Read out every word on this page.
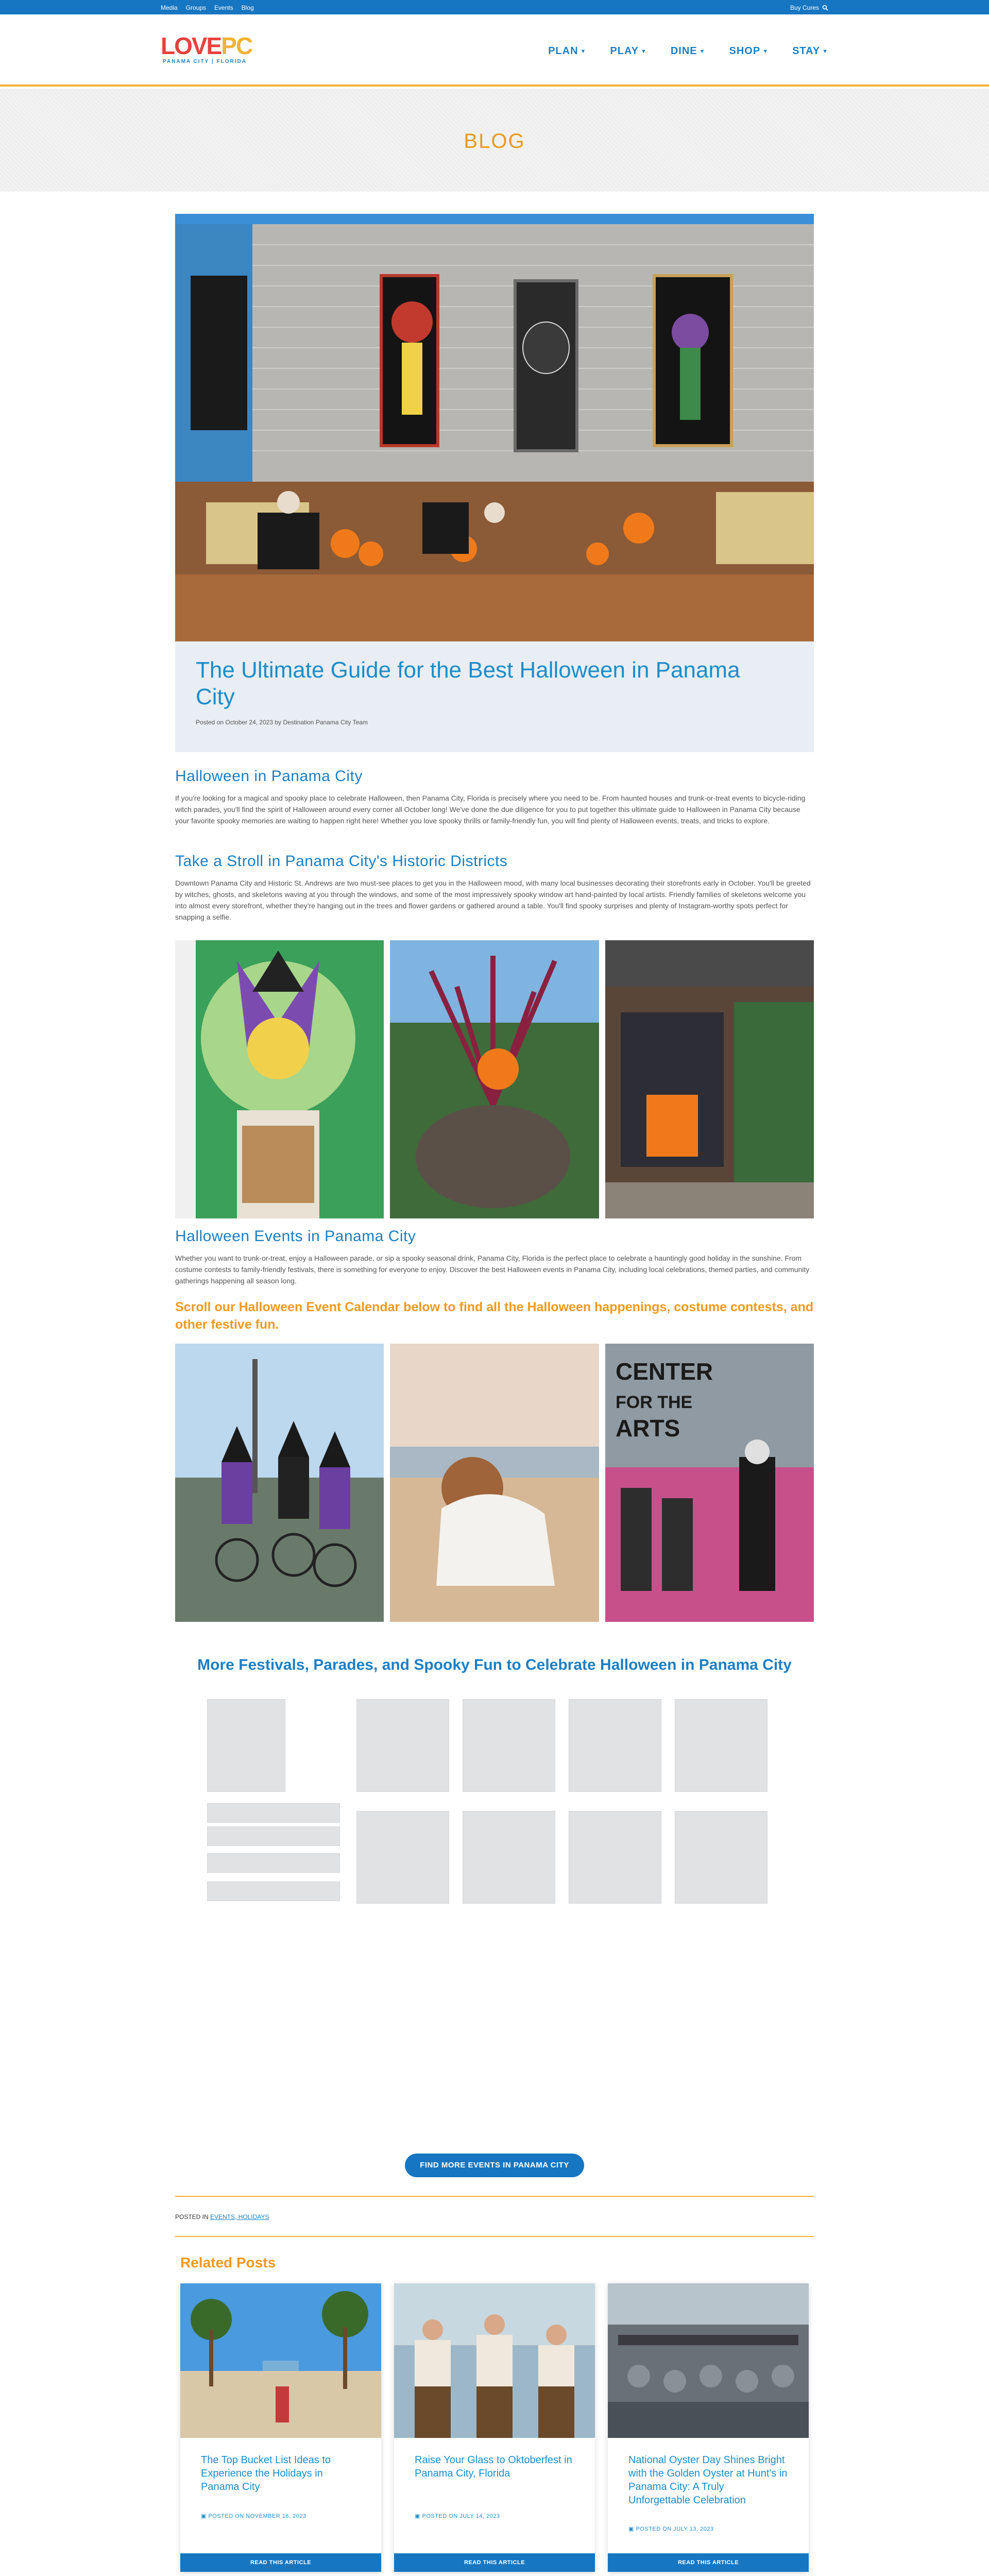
Media Groups Events Blog	Buy Cures
LOVEPC
PANAMA CITY | FLORIDA
PLAN ▼ PLAY ▼ DINE ▼ SHOP ▼ STAY ▼
BLOG
The Ultimate Guide for the Best Halloween in Panama City
Posted on October 24, 2023 by Destination Panama City Team
Halloween in Panama City

If you're looking for a magical and spooky place to celebrate Halloween, then Panama City, Florida is precisely where you need to be. From haunted houses and trunk-or-treat events to bicycle-riding witch parades, you'll find the spirit of Halloween around every corner all October long! We've done the due diligence for you to put together this ultimate guide to Halloween in Panama City because your favorite spooky memories are waiting to happen right here! Whether you love spooky thrills or family-friendly fun, you will find plenty of Halloween events, treats, and tricks to explore.

Take a Stroll in Panama City's Historic Districts

Downtown Panama City and Historic St. Andrews are two must-see places to get you in the Halloween mood, with many local businesses decorating their storefronts early in October. You'll be greeted by witches, ghosts, and skeletons waving at you through the windows, and some of the most impressively spooky window art hand-painted by local artists. Friendly families of skeletons welcome you into almost every storefront, whether they're hanging out in the trees and flower gardens or gathered around a table. You'll find spooky surprises and plenty of Instagram-worthy spots perfect for snapping a selfie.

Halloween Events in Panama City

Whether you want to trunk-or-treat, enjoy a Halloween parade, or sip a spooky seasonal drink, Panama City, Florida is the perfect place to celebrate a hauntingly good holiday in the sunshine. From costume contests to family-friendly festivals, there is something for everyone to enjoy. Discover the best Halloween events in Panama City, including local celebrations, themed parties, and community gatherings happening all season long.

Scroll our Halloween Event Calendar below to find all the Halloween happenings, costume contests, and other festive fun.

CENTER
FOR THE
ARTS
More Festivals, Parades, and Spooky Fun to Celebrate Halloween in Panama City
FIND MORE EVENTS IN PANAMA CITY
POSTED IN EVENTS, HOLIDAYS
Related Posts
The Top Bucket List Ideas to Experience the Holidays in Panama City
▣ POSTED ON NOVEMBER 16, 2023
READ THIS ARTICLE
Raise Your Glass to Oktoberfest in Panama City, Florida
▣ POSTED ON JULY 14, 2023
READ THIS ARTICLE
National Oyster Day Shines Bright with the Golden Oyster at Hunt's in Panama City: A Truly Unforgettable Celebration
▣ POSTED ON JULY 13, 2023
READ THIS ARTICLE
